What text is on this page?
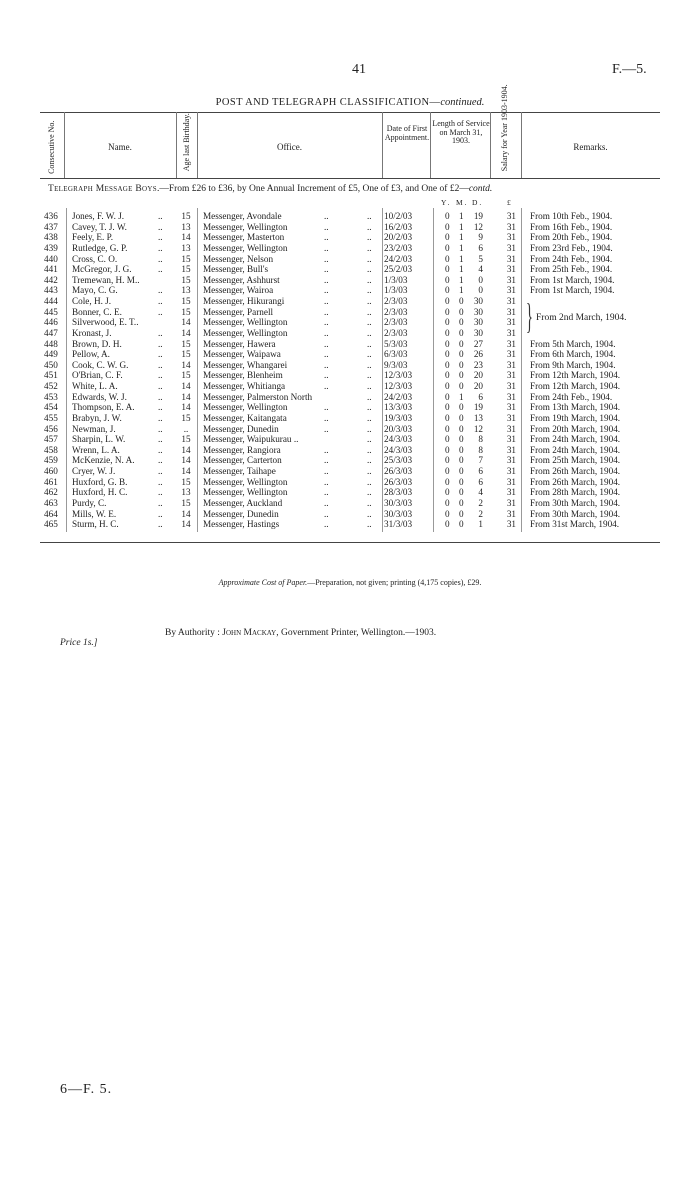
41	F.—5.
POST AND TELEGRAPH CLASSIFICATION—continued.
Consecutive No.	Name.	Age last Birthday.	Office.
Date of First Appointment.
Length of Service on March 31, 1903.	Salary for Year 1903-1904.	Remarks.
Telegraph Message Boys.—From £26 to £36, by One Annual Increment of £5, One of £3, and One of £2—contd.
Y. M. D.	£
436 Jones, F. W. J.	.. 15 Messenger, Avondale	..	.. 10/2/03	0 1	19	31 From 10th Feb., 1904.
437 Cavey, T. J. W.	.. 13 Messenger, Wellington	..	.. 16/2/03	0 1	12	31 From 16th Feb., 1904.
438 Feely, E. P.	.. 14 Messenger, Masterton	..	.. 20/2/03	0 1	9	31 From 20th Feb., 1904.
439 Rutledge, G. P.	.. 13 Messenger, Wellington	..	.. 23/2/03	0 1	6	31 From 23rd Feb., 1904.
440 Cross, C. O.	.. 15 Messenger, Nelson	..	.. 24/2/03	0 1	5	31 From 24th Feb., 1904.
441 McGregor, J. G.	.. 15 Messenger, Bull's	..	.. 25/2/03	0 1	4	31 From 25th Feb., 1904.
442 Tremewan, H. M..	15 Messenger, Ashhurst	..	.. 1/3/03	0 1	0	31 From 1st March, 1904.
443 Mayo, C. G.	.. 13 Messenger, Wairoa	..	.. 1/3/03	0 1	0	31 From 1st March, 1904.
444 Cole, H. J.	.. 15 Messenger, Hikurangi	..	.. 2/3/03	0 0	30	31
445 Bonner, C. E.	.. 15 Messenger, Parnell	..	.. 2/3/03	0 0	30	31
446 Silverwood, E. T..	14 Messenger, Wellington	..	.. 2/3/03	0 0	30	31
447 Kronast, J.	.. 14 Messenger, Wellington	..	.. 2/3/03	0 0	30	31
448 Brown, D. H.	.. 15 Messenger, Hawera	..	.. 5/3/03	0 0	27	31 From 5th March, 1904.
449 Pellow, A.	.. 15 Messenger, Waipawa	..	.. 6/3/03	0 0	26	31 From 6th March, 1904.
450 Cook, C. W. G.	.. 14 Messenger, Whangarei	..	.. 9/3/03	0 0	23	31 From 9th March, 1904.
451 O'Brian, C. F.	.. 15 Messenger, Blenheim	..	.. 12/3/03	0 0	20	31 From 12th March, 1904.
452 White, L. A.	.. 14 Messenger, Whitianga	..	.. 12/3/03	0 0	20	31 From 12th March, 1904.
453 Edwards, W. J.	.. 14 Messenger, Palmerston North	.. 24/2/03	0 1	6	31 From 24th Feb., 1904.
454 Thompson, E. A.	.. 14 Messenger, Wellington	..	.. 13/3/03	0 0	19	31 From 13th March, 1904.
455 Brabyn, J. W.	.. 15 Messenger, Kaitangata	..	.. 19/3/03	0 0	13	31 From 19th March, 1904.
456 Newman, J.	..	..	Messenger, Dunedin	..	.. 20/3/03	0 0	12	31 From 20th March, 1904.
457 Sharpin, L. W.	.. 15 Messenger, Waipukurau ..	.. 24/3/03	0 0	8	31 From 24th March, 1904.
458 Wrenn, L. A.	.. 14 Messenger, Rangiora	..	.. 24/3/03	0 0	8	31 From 24th March, 1904.
459 McKenzie, N. A.	.. 14 Messenger, Carterton	..	.. 25/3/03	0 0	7	31 From 25th March, 1904.
460 Cryer, W. J.	.. 14 Messenger, Taihape	..	.. 26/3/03	0 0	6	31 From 26th March, 1904.
461 Huxford, G. B.	.. 15 Messenger, Wellington	..	.. 26/3/03	0 0	6	31 From 26th March, 1904.
462 Huxford, H. C.	.. 13 Messenger, Wellington	..	.. 28/3/03	0 0	4	31 From 28th March, 1904.
463 Purdy, C.	.. 15 Messenger, Auckland	..	.. 30/3/03	0 0	2	31 From 30th March, 1904.
464 Mills, W. E.	.. 14 Messenger, Dunedin	..	.. 30/3/03	0 0	2	31 From 30th March, 1904.
465 Sturm, H. C.	.. 14 Messenger, Hastings	..	.. 31/3/03	0 0	1	31 From 31st March, 1904.
} From 2nd March, 1904.
Approximate Cost of Paper.—Preparation, not given; printing (4,175 copies), £29.
By Authority : John Mackay, Government Printer, Wellington.—1903.
Price 1s.]
6—F. 5.
